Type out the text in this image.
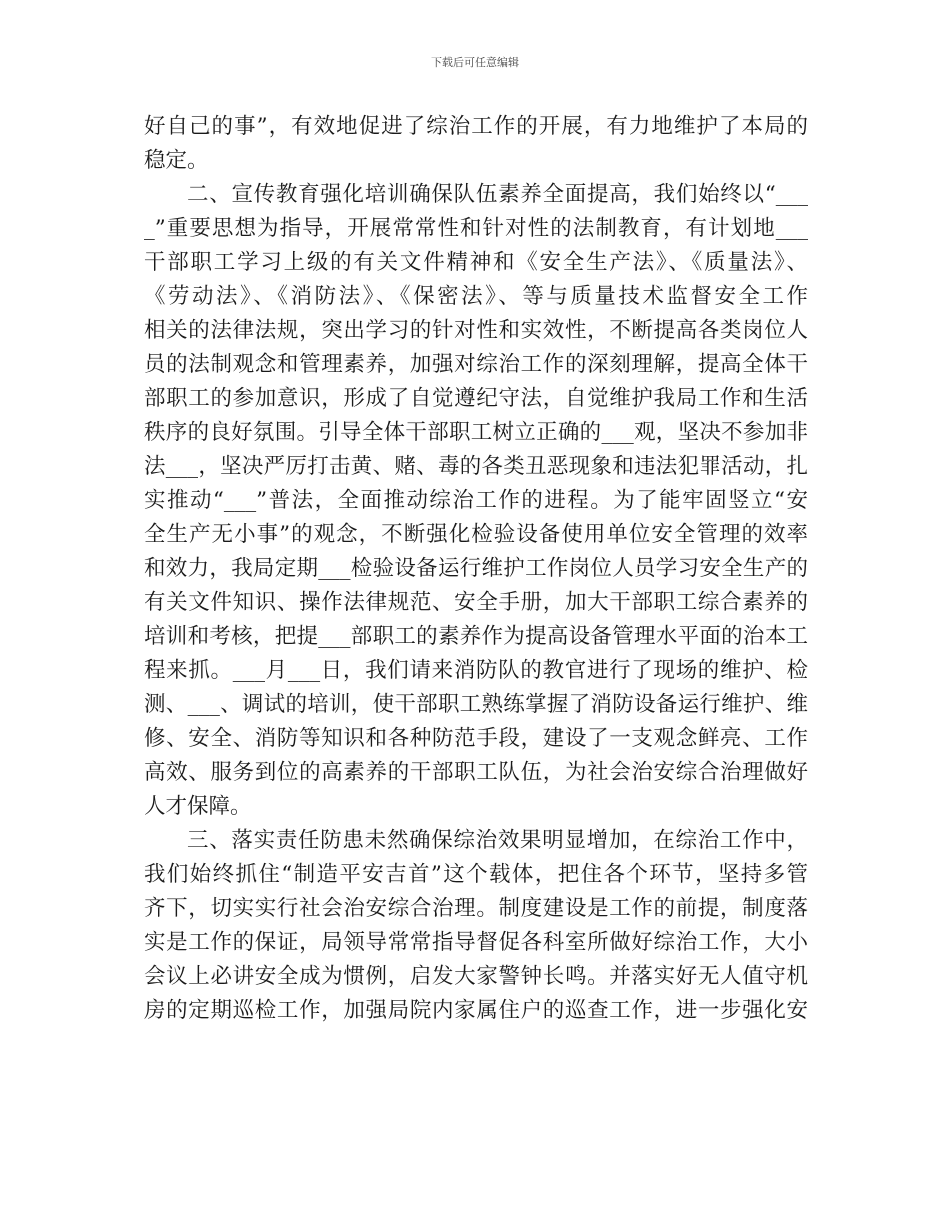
下载后可任意编辑
好自己的事”，有效地促进了综治工作的开展，有力地维护了本局的
稳定。
二、宣传教育强化培训确保队伍素养全面提高，我们始终以“___
_”重要思想为指导，开展常常性和针对性的法制教育，有计划地___
干部职工学习上级的有关文件精神和《安全生产法》、《质量法》、
《劳动法》、《消防法》、《保密法》、等与质量技术监督安全工作
相关的法律法规，突出学习的针对性和实效性，不断提高各类岗位人
员的法制观念和管理素养，加强对综治工作的深刻理解，提高全体干
部职工的参加意识，形成了自觉遵纪守法，自觉维护我局工作和生活
秩序的良好氛围。引导全体干部职工树立正确的___观，坚决不参加非
法___，坚决严厉打击黄、赌、毒的各类丑恶现象和违法犯罪活动，扎
实推动“___”普法，全面推动综治工作的进程。为了能牢固竖立“安
全生产无小事”的观念，不断强化检验设备使用单位安全管理的效率
和效力，我局定期___检验设备运行维护工作岗位人员学习安全生产的
有关文件知识、操作法律规范、安全手册，加大干部职工综合素养的
培训和考核，把提___部职工的素养作为提高设备管理水平面的治本工
程来抓。___月___日，我们请来消防队的教官进行了现场的维护、检
测、___、调试的培训，使干部职工熟练掌握了消防设备运行维护、维
修、安全、消防等知识和各种防范手段，建设了一支观念鲜亮、工作
高效、服务到位的高素养的干部职工队伍，为社会治安综合治理做好
人才保障。
三、落实责任防患未然确保综治效果明显增加，在综治工作中，
我们始终抓住“制造平安吉首”这个载体，把住各个环节，坚持多管
齐下，切实实行社会治安综合治理。制度建设是工作的前提，制度落
实是工作的保证，局领导常常指导督促各科室所做好综治工作，大小
会议上必讲安全成为惯例，启发大家警钟长鸣。并落实好无人值守机
房的定期巡检工作，加强局院内家属住户的巡查工作，进一步强化安
